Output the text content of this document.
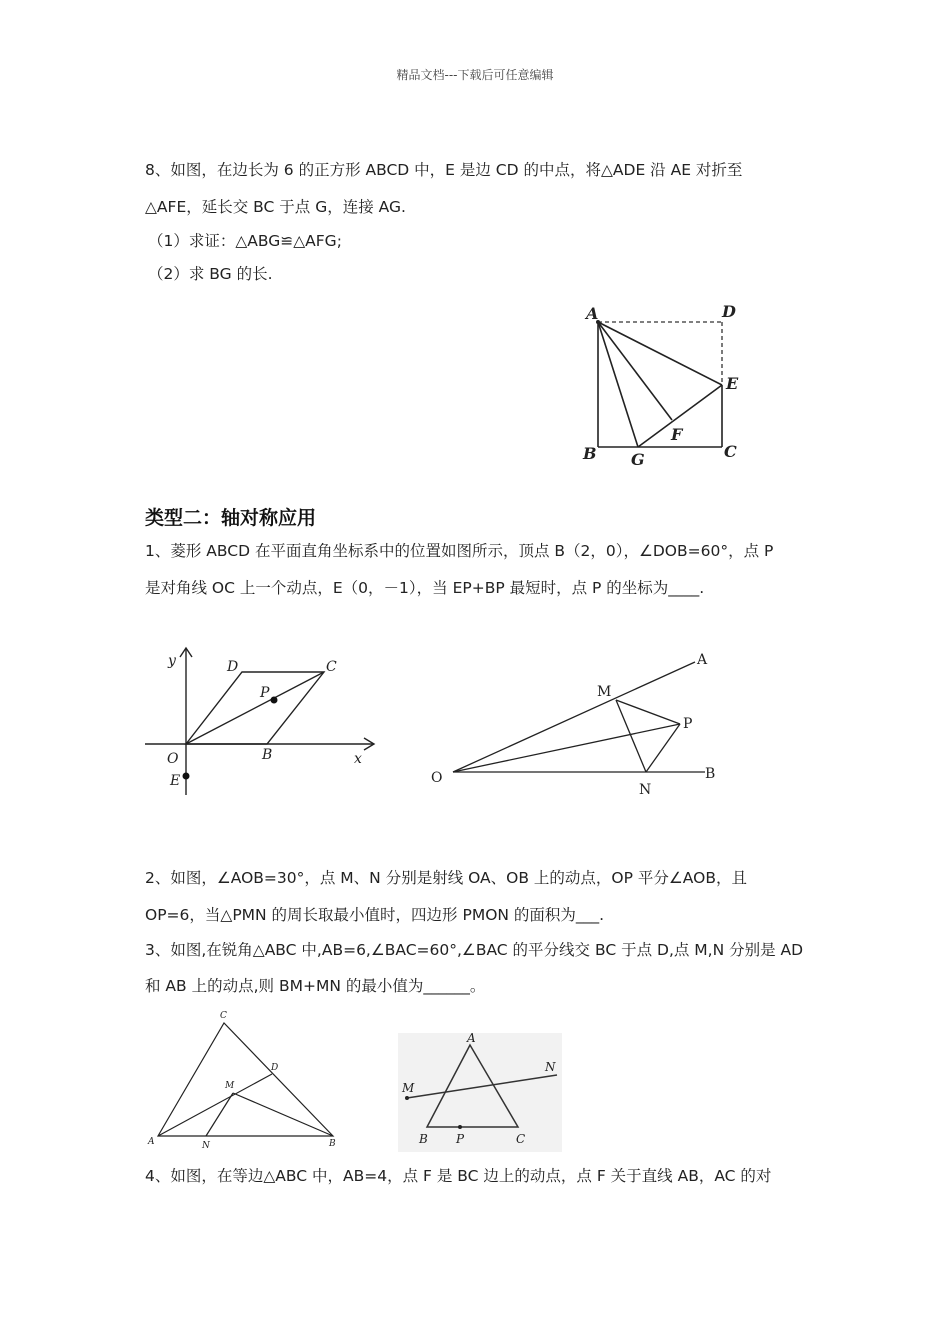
精品文档---下载后可任意编辑
8、如图，在边长为 6 的正方形 ABCD 中，E 是边 CD 的中点，将△ADE 沿 AE 对折至
△AFE，延长交 BC 于点 G，连接 AG.
（1）求证：△ABG≌△AFG;
（2）求 BG 的长.
A	D
E
F
B G	C
类型二：轴对称应用
1、菱形 ABCD 在平面直角坐标系中的位置如图所示，顶点 B（2，0），∠DOB=60°，点 P
是对角线 OC 上一个动点，E（0，－1），当 EP+BP 最短时，点 P 的坐标为____.
y
x
O	B
C
D
P
E	O
A
B
M
P
N
2、如图，∠AOB=30°，点 M、N 分别是射线 OA、OB 上的动点，OP 平分∠AOB，且
OP=6，当△PMN 的周长取最小值时，四边形 PMON 的面积为___.
3、如图,在锐角△ABC 中,AB=6,∠BAC=60°,∠BAC 的平分线交 BC 于点 D,点 M,N 分别是 AD
和 AB 上的动点,则 BM+MN 的最小值为______。
A	B
C
D
M
N
A
B	C
P
M
N
4、如图，在等边△ABC 中，AB=4，点 F 是 BC 边上的动点，点 F 关于直线 AB，AC 的对
